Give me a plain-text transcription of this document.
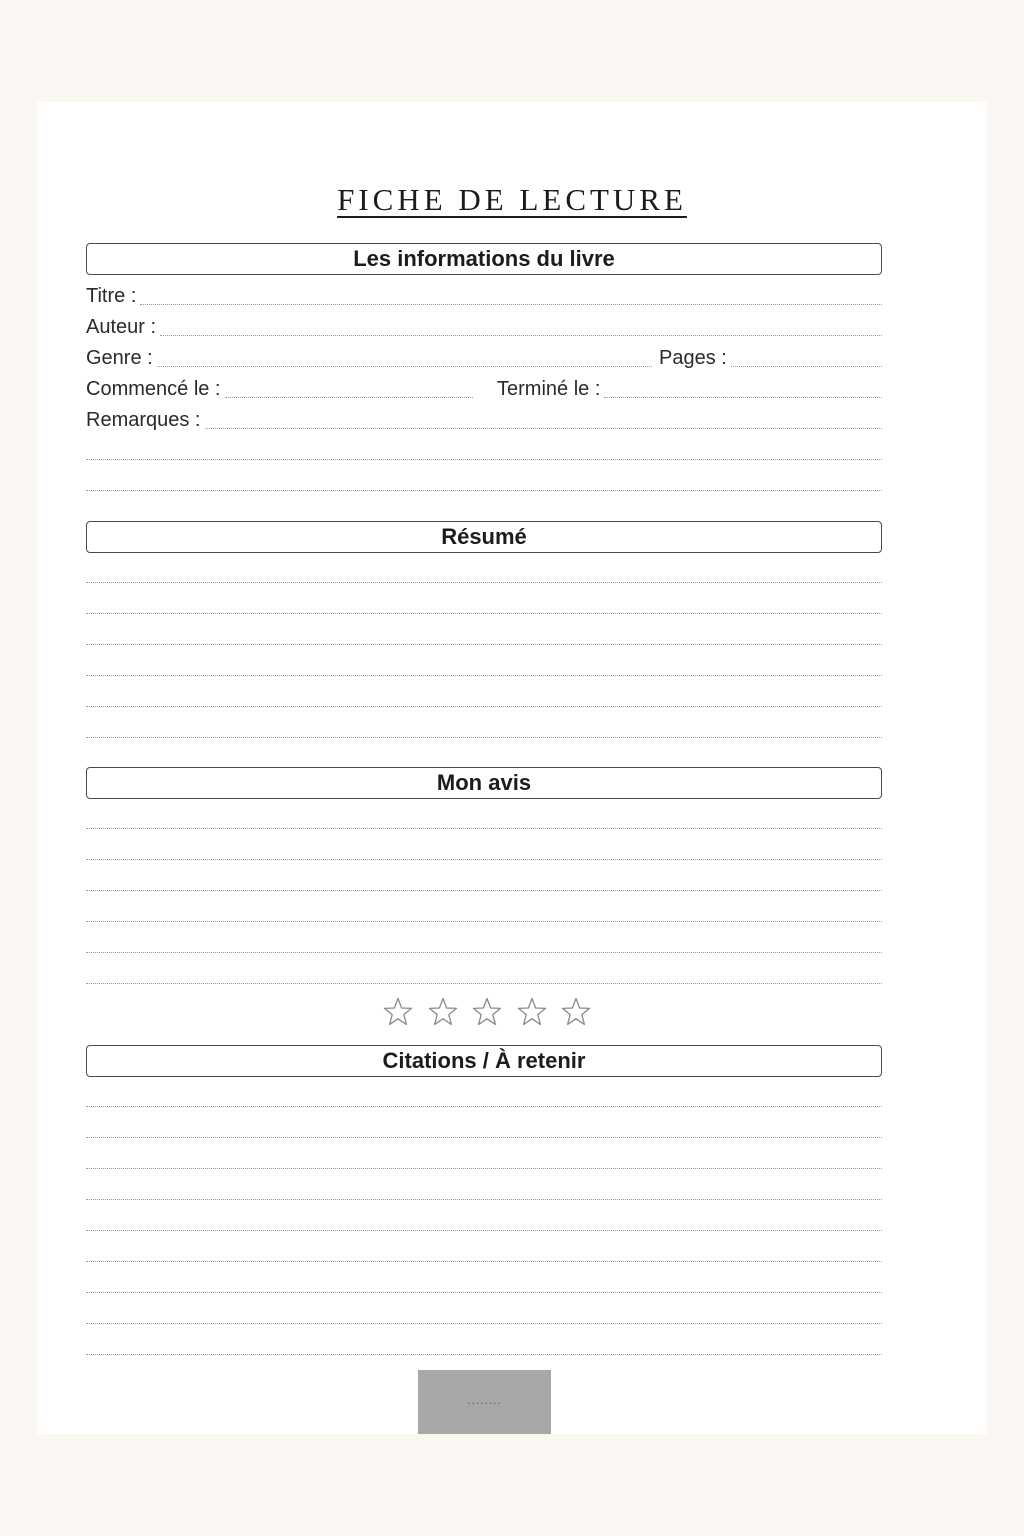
FICHE DE LECTURE
Les informations du livre
Titre :
Auteur :
Genre :	Pages :
Commencé le :	Terminé le :
Remarques :
Résumé
Mon avis
Citations / À retenir
........
